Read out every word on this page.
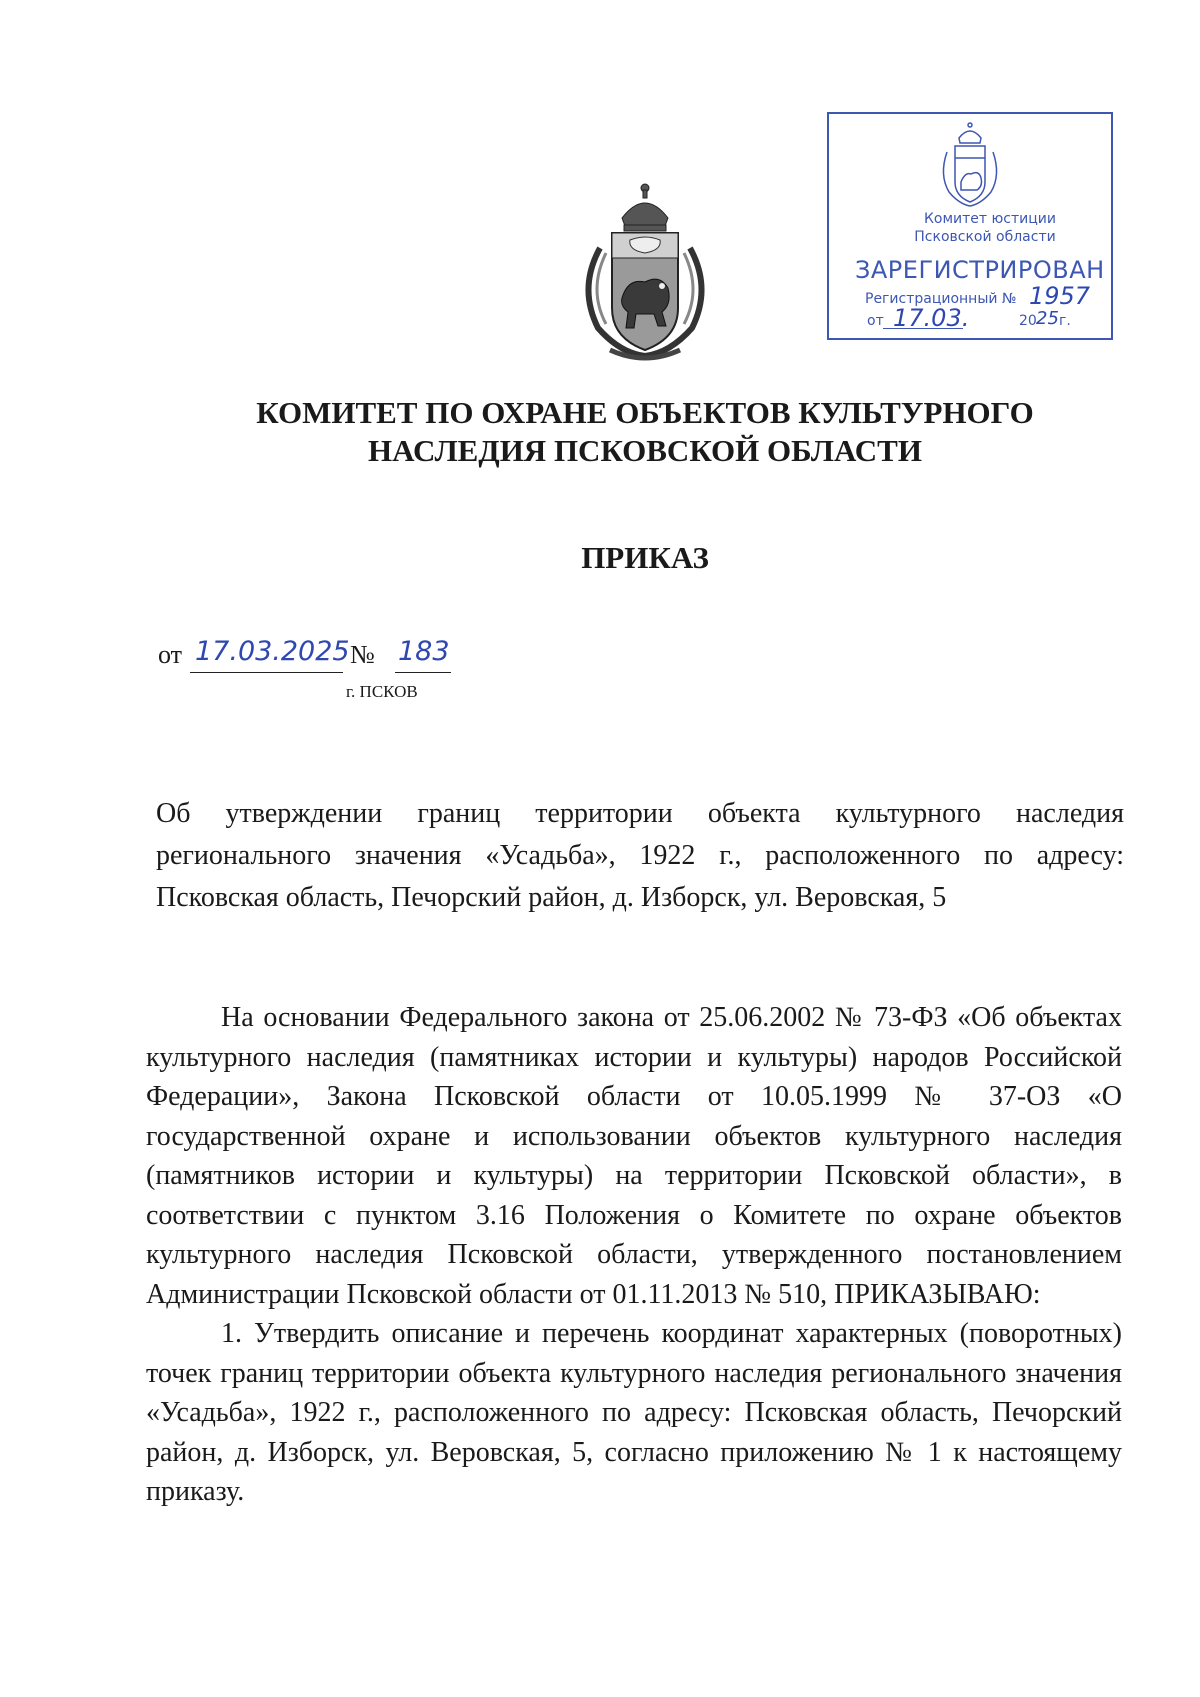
Комитет юстиции
Псковской области
ЗАРЕГИСТРИРОВАН
Регистрационный № 1957
от 17.03.	20 25 г.
КОМИТЕТ ПО ОХРАНЕ ОБЪЕКТОВ КУЛЬТУРНОГО
НАСЛЕДИЯ ПСКОВСКОЙ ОБЛАСТИ
ПРИКАЗ
от 17.03.2025 № 183
г. ПСКОВ
Об утверждении границ территории объекта культурного наследия регионального значения «Усадьба», 1922 г., расположенного по адресу: Псковская область, Печорский район, д. Изборск, ул. Веровская, 5

На основании Федерального закона от 25.06.2002 № 73-ФЗ «Об объектах культурного наследия (памятниках истории и культуры) народов Российской Федерации», Закона Псковской области от 10.05.1999 № 37-ОЗ «О государственной охране и использовании объектов культурного наследия (памятников истории и культуры) на территории Псковской области», в соответствии с пунктом 3.16 Положения о Комитете по охране объектов культурного наследия Псковской области, утвержденного постановлением Администрации Псковской области от 01.11.2013 № 510, ПРИКАЗЫВАЮ:

1. Утвердить описание и перечень координат характерных (поворотных) точек границ территории объекта культурного наследия регионального значения «Усадьба», 1922 г., расположенного по адресу: Псковская область, Печорский район, д. Изборск, ул. Веровская, 5, согласно приложению № 1 к настоящему приказу.
